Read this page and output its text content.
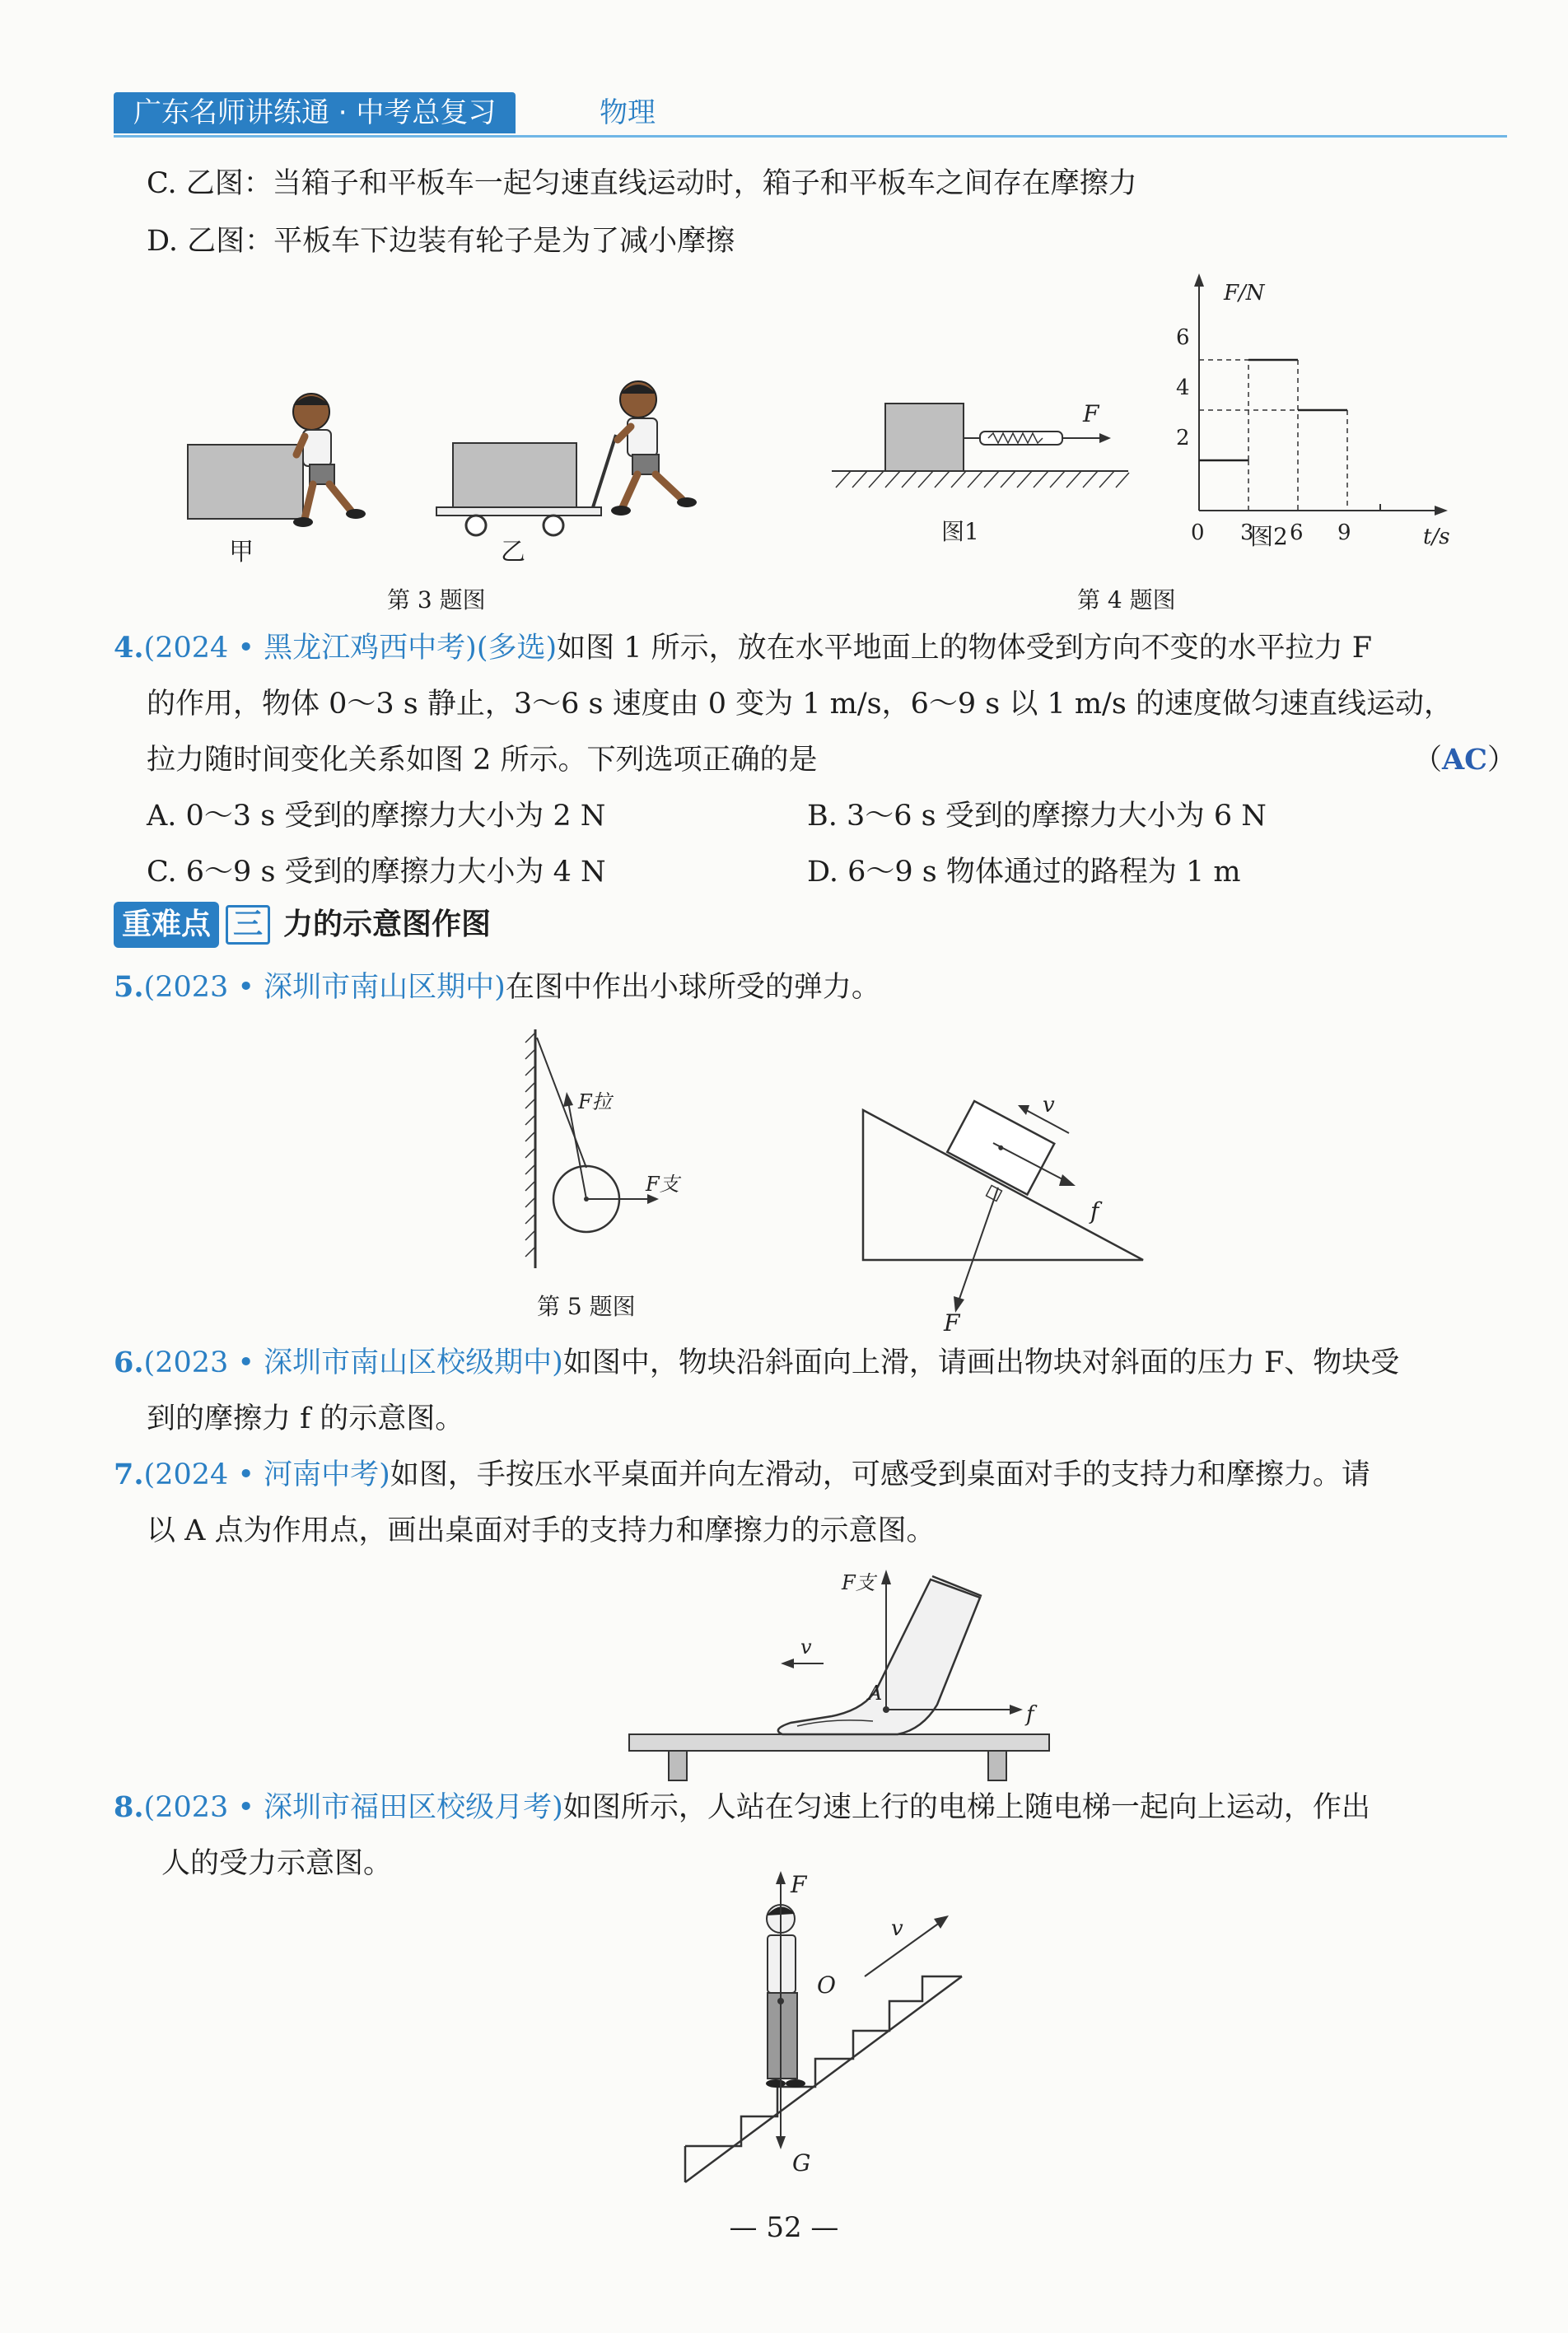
广东名师讲练通 · 中考总复习	物理
C. 乙图：当箱子和平板车一起匀速直线运动时，箱子和平板车之间存在摩擦力
D. 乙图：平板车下边装有轮子是为了减小摩擦
甲	乙
第 3 题图
F
图1
F/N
t/s
2
4
6
0 3 6 9
图2
第 4 题图
4.(2024 • 黑龙江鸡西中考)(多选)如图 1 所示，放在水平地面上的物体受到方向不变的水平拉力 F
的作用，物体 0～3 s 静止，3～6 s 速度由 0 变为 1 m/s，6～9 s 以 1 m/s 的速度做匀速直线运动，
拉力随时间变化关系如图 2 所示。下列选项正确的是	（AC）
A. 0～3 s 受到的摩擦力大小为 2 N	B. 3～6 s 受到的摩擦力大小为 6 N
C. 6～9 s 受到的摩擦力大小为 4 N	D. 6～9 s 物体通过的路程为 1 m
重难点 三 力的示意图作图
5.(2023 • 深圳市南山区期中)在图中作出小球所受的弹力。
F拉
F支
第 5 题图
v
f
F
6.(2023 • 深圳市南山区校级期中)如图中，物块沿斜面向上滑，请画出物块对斜面的压力 F、物块受
到的摩擦力 f 的示意图。
7.(2024 • 河南中考)如图，手按压水平桌面并向左滑动，可感受到桌面对手的支持力和摩擦力。请
以 A 点为作用点，画出桌面对手的支持力和摩擦力的示意图。
F支
v
A
f
8.(2023 • 深圳市福田区校级月考)如图所示，人站在匀速上行的电梯上随电梯一起向上运动，作出
人的受力示意图。
F
O
v
G
— 52 —
